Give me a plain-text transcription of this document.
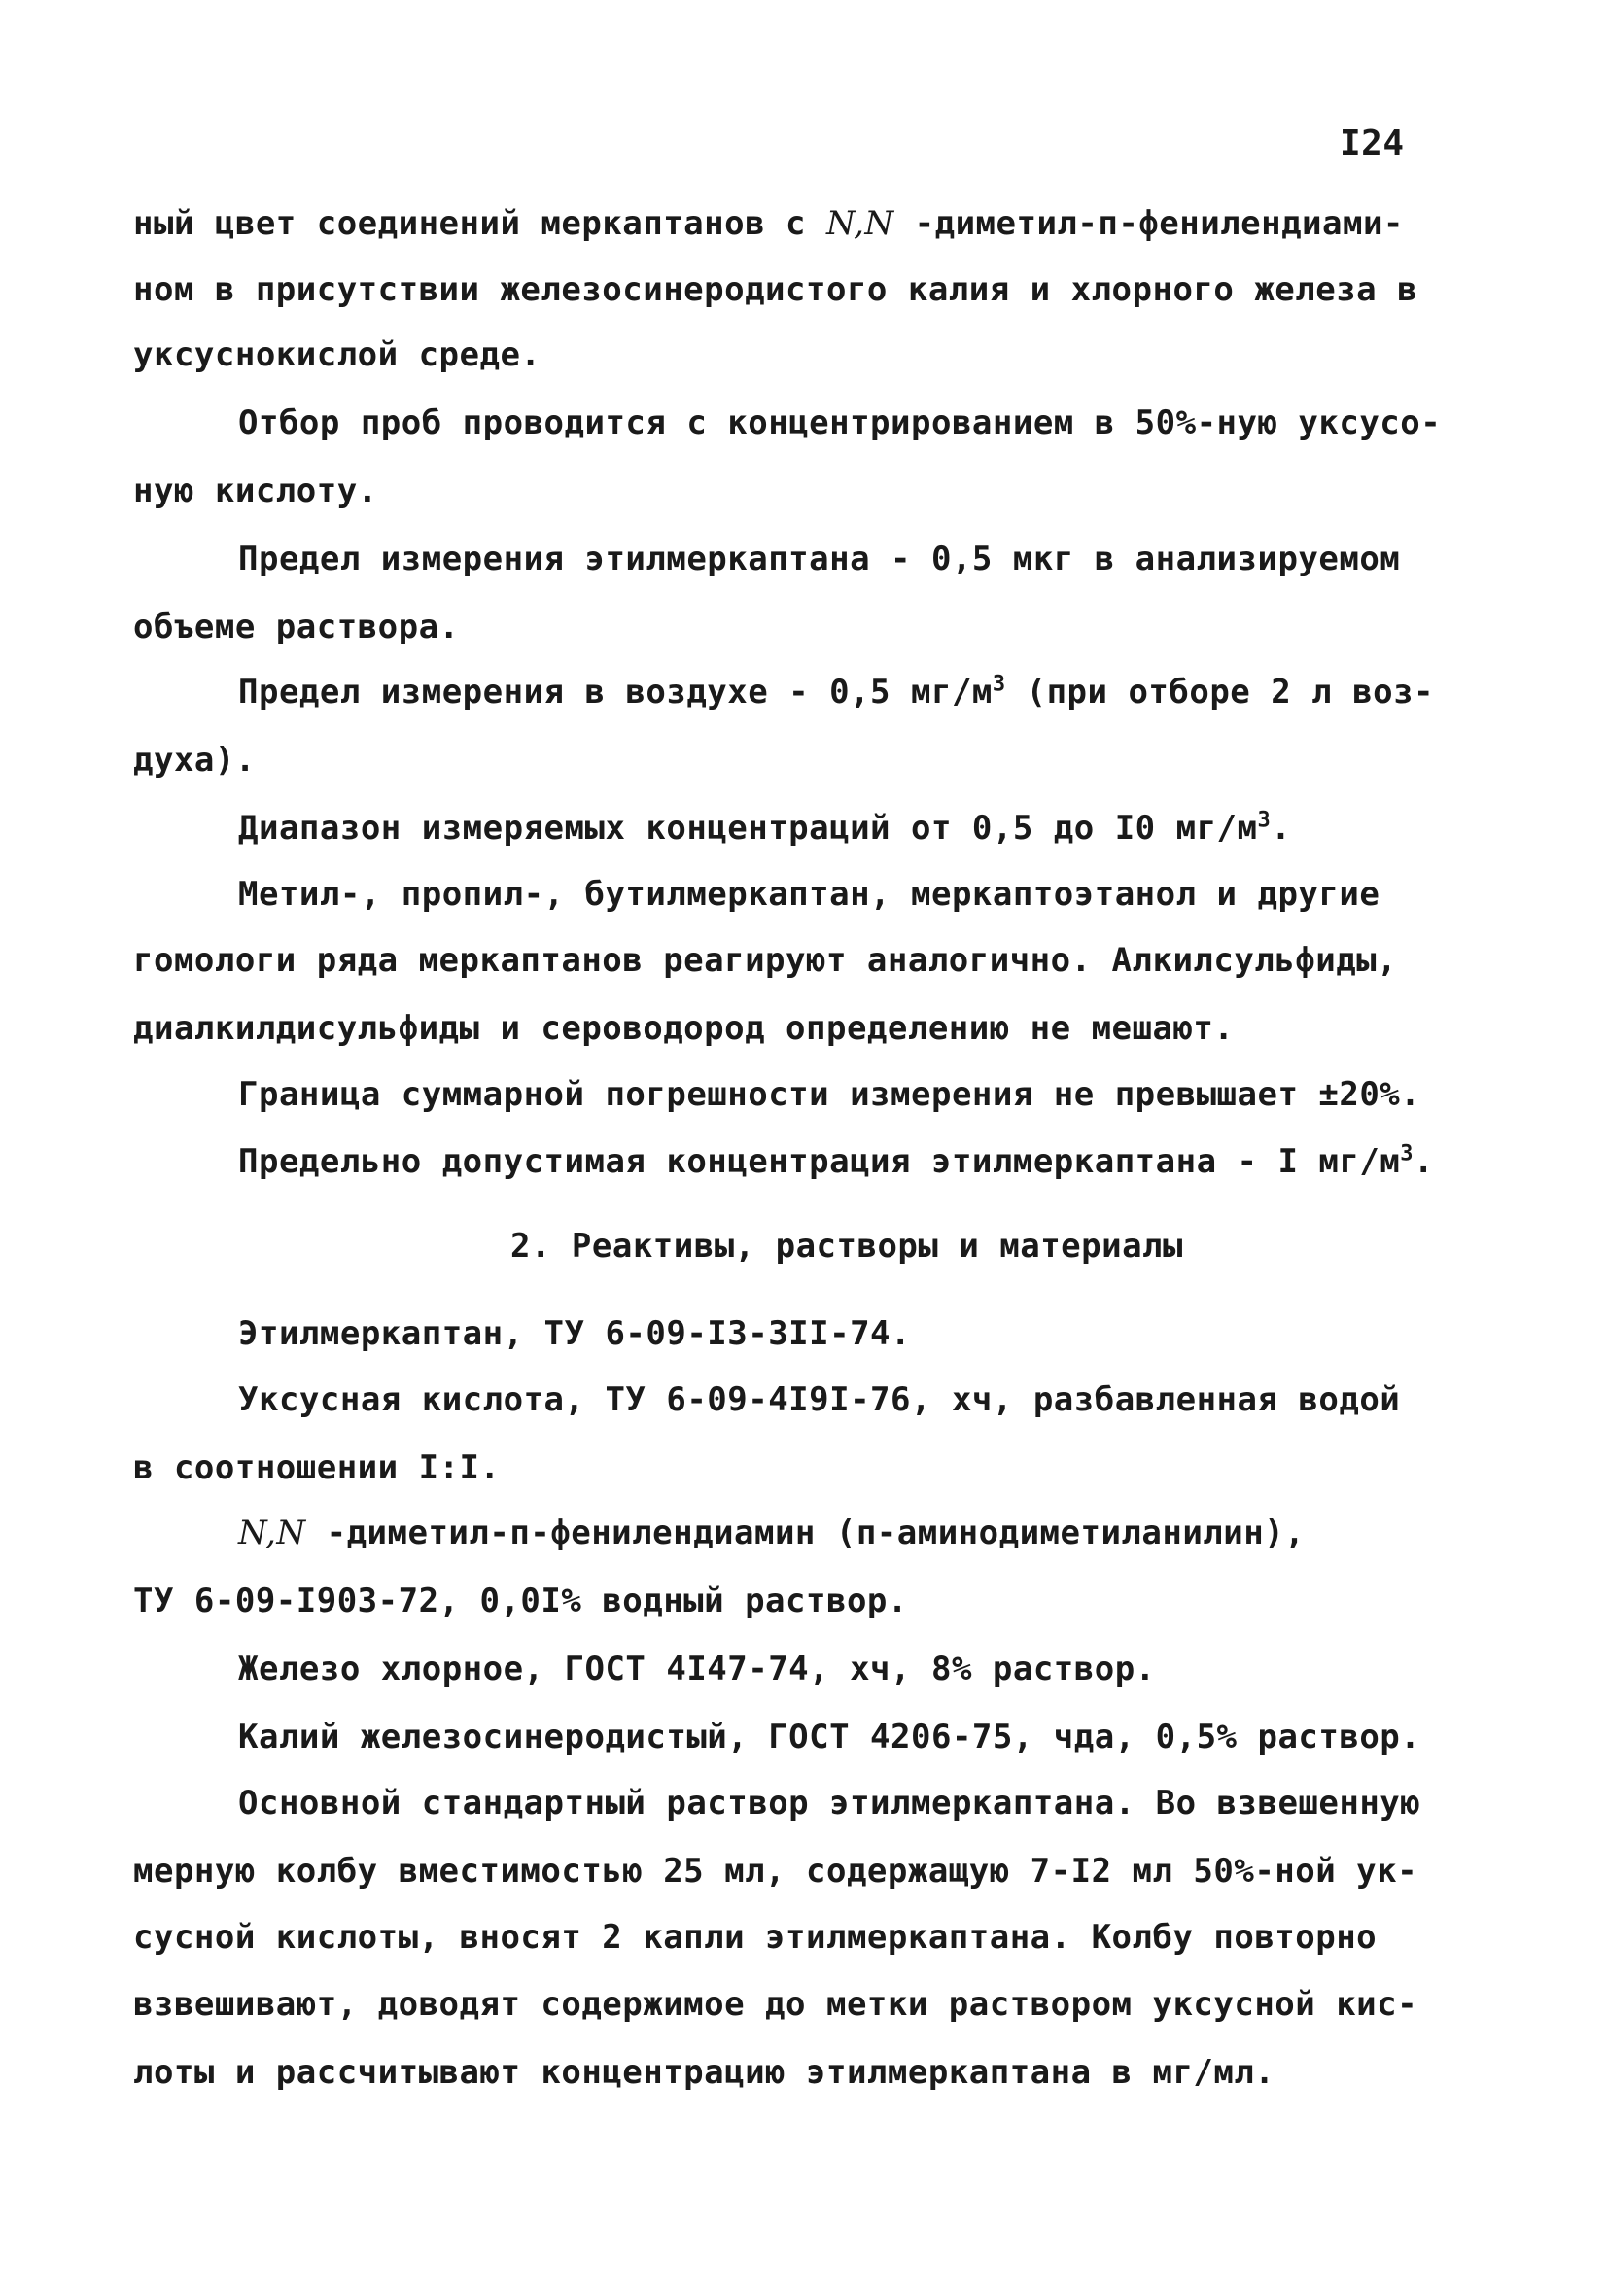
I24
ный цвет соединений меркаптанов с N,N -диметил-п-фенилендиами-
ном в присутствии железосинеродистого калия и хлорного железа в
уксуснокислой среде.
Отбор проб проводится с концентрированием в 50%-ную уксусо-
ную кислоту.
Предел измерения этилмеркаптана - 0,5 мкг в анализируемом
объеме раствора.
Предел измерения в воздухе - 0,5 $мг/м^3$ (при отборе 2 л воз-
духа).
Диапазон измеряемых концентраций от 0,5 до I0 $мг/м^3$.
Метил-, пропил-, бутилмеркаптан, меркаптоэтанол и другие
гомологи ряда меркаптанов реагируют аналогично. Алкилсульфиды,
диалкилдисульфиды и сероводород определению не мешают.
Граница суммарной погрешности измерения не превышает ±20%.
Предельно допустимая концентрация этилмеркаптана - I $мг/м^3$.
2. Реактивы, растворы и материалы
Этилмеркаптан, ТУ 6-09-I3-3II-74.
Уксусная кислота, ТУ 6-09-4I9I-76, хч, разбавленная водой
в соотношении I:I.
N,N -диметил-п-фенилендиамин (п-аминодиметиланилин),
ТУ 6-09-I903-72, 0,0I% водный раствор.
Железо хлорное, ГОСТ 4I47-74, хч, 8% раствор.
Калий железосинеродистый, ГОСТ 4206-75, чда, 0,5% раствор.
Основной стандартный раствор этилмеркаптана. Во взвешенную
мерную колбу вместимостью 25 мл, содержащую 7-I2 мл 50%-ной ук-
сусной кислоты, вносят 2 капли этилмеркаптана. Колбу повторно
взвешивают, доводят содержимое до метки раствором уксусной кис-
лоты и рассчитывают концентрацию этилмеркаптана в мг/мл.
